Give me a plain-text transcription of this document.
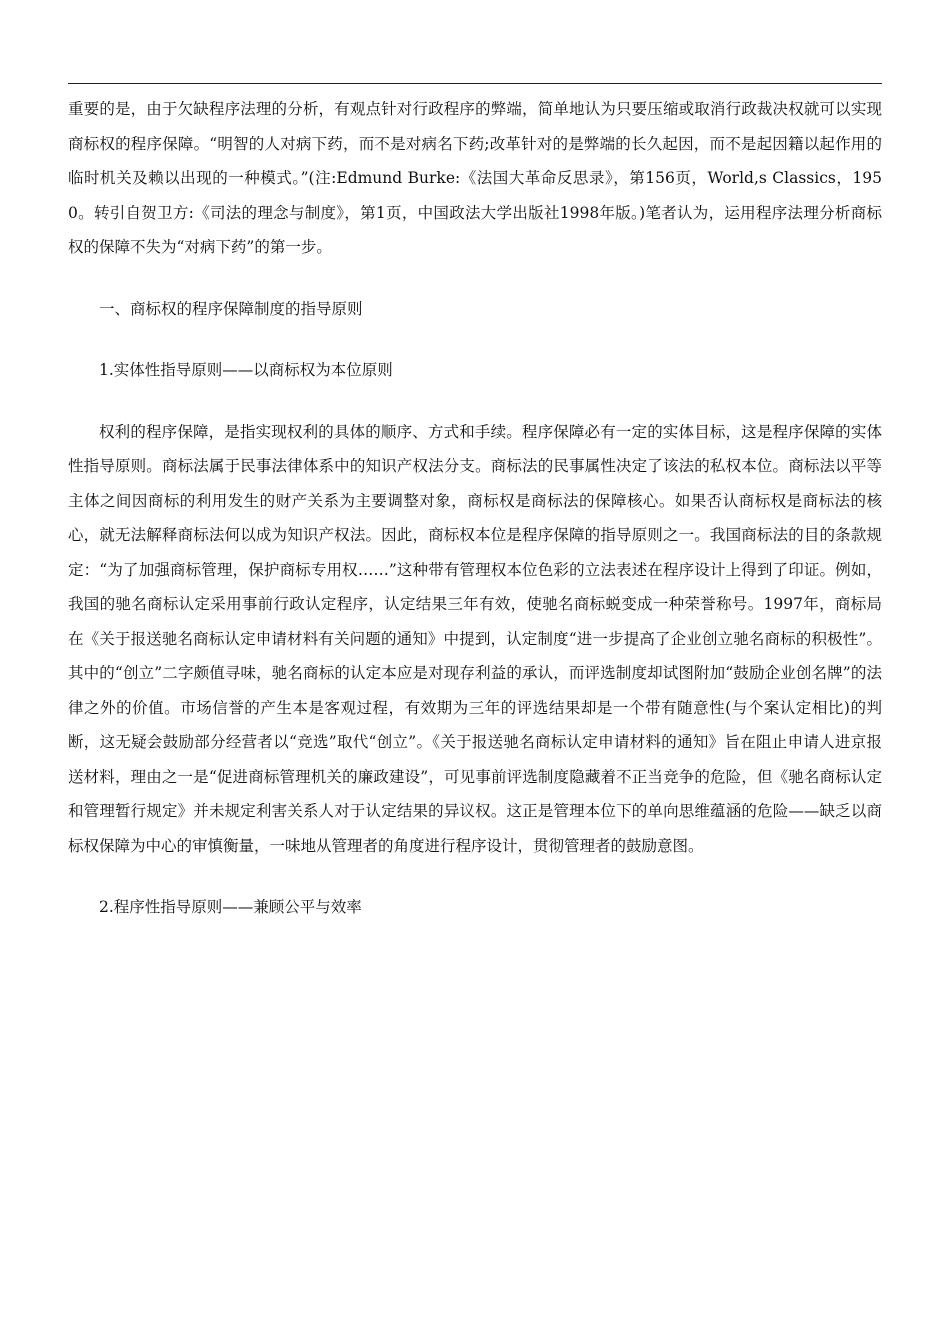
重要的是，由于欠缺程序法理的分析，有观点针对行政程序的弊端，简单地认为只要压缩或取消行政裁决权就可以实现商标权的程序保障。“明智的人对病下药，而不是对病名下药;改革针对的是弊端的长久起因，而不是起因籍以起作用的临时机关及赖以出现的一种模式。”(注:Edmund Burke:《法国大革命反思录》，第156页，World,s Classics，1950。转引自贺卫方:《司法的理念与制度》，第1页，中国政法大学出版社1998年版。)笔者认为，运用程序法理分析商标权的保障不失为“对病下药”的第一步。

一、商标权的程序保障制度的指导原则

1.实体性指导原则——以商标权为本位原则

权利的程序保障，是指实现权利的具体的顺序、方式和手续。程序保障必有一定的实体目标，这是程序保障的实体性指导原则。商标法属于民事法律体系中的知识产权法分支。商标法的民事属性决定了该法的私权本位。商标法以平等主体之间因商标的利用发生的财产关系为主要调整对象，商标权是商标法的保障核心。如果否认商标权是商标法的核心，就无法解释商标法何以成为知识产权法。因此，商标权本位是程序保障的指导原则之一。我国商标法的目的条款规定：“为了加强商标管理，保护商标专用权……”这种带有管理权本位色彩的立法表述在程序设计上得到了印证。例如，我国的驰名商标认定采用事前行政认定程序，认定结果三年有效，使驰名商标蜕变成一种荣誉称号。1997年，商标局在《关于报送驰名商标认定申请材料有关问题的通知》中提到，认定制度“进一步提高了企业创立驰名商标的积极性”。其中的“创立”二字颇值寻味，驰名商标的认定本应是对现存利益的承认，而评选制度却试图附加“鼓励企业创名牌”的法律之外的价值。市场信誉的产生本是客观过程，有效期为三年的评选结果却是一个带有随意性(与个案认定相比)的判断，这无疑会鼓励部分经营者以“竞选”取代“创立”。《关于报送驰名商标认定申请材料的通知》旨在阻止申请人进京报送材料，理由之一是“促进商标管理机关的廉政建设”，可见事前评选制度隐藏着不正当竞争的危险，但《驰名商标认定和管理暂行规定》并未规定利害关系人对于认定结果的异议权。这正是管理本位下的单向思维蕴涵的危险——缺乏以商标权保障为中心的审慎衡量，一味地从管理者的角度进行程序设计，贯彻管理者的鼓励意图。

2.程序性指导原则——兼顾公平与效率
